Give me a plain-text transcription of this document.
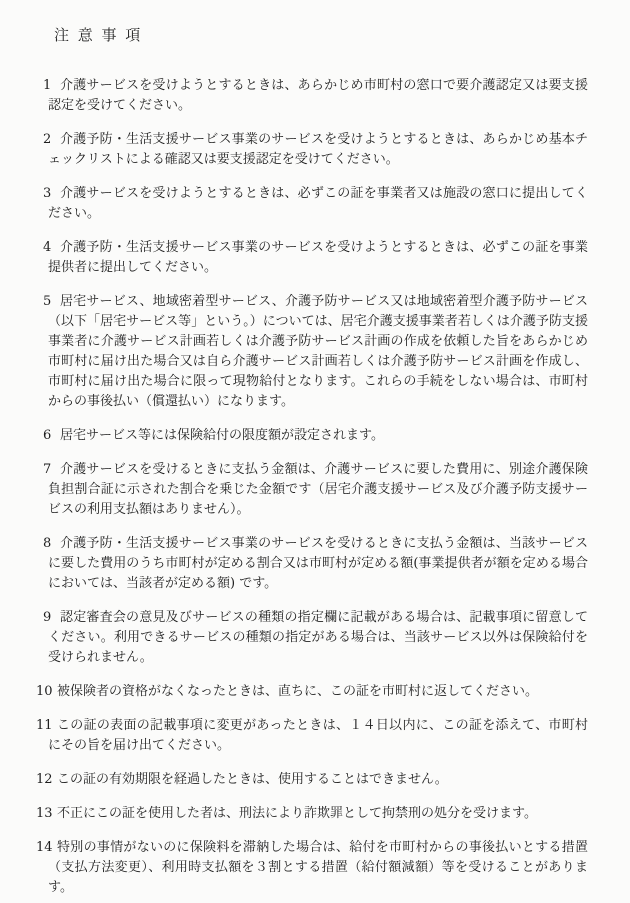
注 意 事 項
1 介護サービスを受けようとするときは、あらかじめ市町村の窓口で要介護認定又は要支援認定を受けてください。
2 介護予防・生活支援サービス事業のサービスを受けようとするときは、あらかじめ基本チェックリストによる確認又は要支援認定を受けてください。
3 介護サービスを受けようとするときは、必ずこの証を事業者又は施設の窓口に提出してください。
4 介護予防・生活支援サービス事業のサービスを受けようとするときは、必ずこの証を事業提供者に提出してください。
5 居宅サービス、地域密着型サービス、介護予防サービス又は地域密着型介護予防サービス（以下「居宅サービス等」という。）については、居宅介護支援事業者若しくは介護予防支援事業者に介護サービス計画若しくは介護予防サービス計画の作成を依頼した旨をあらかじめ市町村に届け出た場合又は自ら介護サービス計画若しくは介護予防サービス計画を作成し、市町村に届け出た場合に限って現物給付となります。これらの手続をしない場合は、市町村からの事後払い（償還払い）になります。
6 居宅サービス等には保険給付の限度額が設定されます。
7 介護サービスを受けるときに支払う金額は、介護サービスに要した費用に、別途介護保険負担割合証に示された割合を乗じた金額です（居宅介護支援サービス及び介護予防支援サービスの利用支払額はありません）。
8 介護予防・生活支援サービス事業のサービスを受けるときに支払う金額は、当該サービスに要した費用のうち市町村が定める割合又は市町村が定める額(事業提供者が額を定める場合においては、当該者が定める額) です。
9 認定審査会の意見及びサービスの種類の指定欄に記載がある場合は、記載事項に留意してください。利用できるサービスの種類の指定がある場合は、当該サービス以外は保険給付を受けられません。
10 被保険者の資格がなくなったときは、直ちに、この証を市町村に返してください。
11 この証の表面の記載事項に変更があったときは、１４日以内に、この証を添えて、市町村にその旨を届け出てください。
12 この証の有効期限を経過したときは、使用することはできません。
13 不正にこの証を使用した者は、刑法により詐欺罪として拘禁刑の処分を受けます。
14 特別の事情がないのに保険料を滞納した場合は、給付を市町村からの事後払いとする措置（支払方法変更）、利用時支払額を３割とする措置（給付額減額）等を受けることがあります。
